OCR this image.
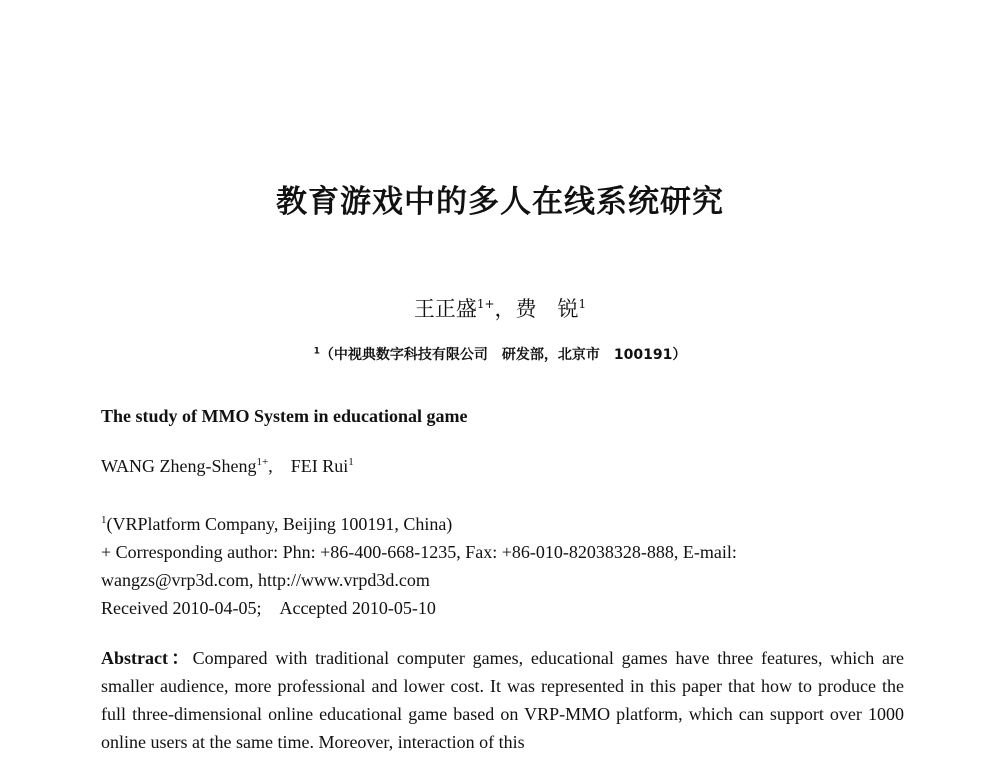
教育游戏中的多人在线系统研究
王正盛$^{1+}$，费　锐$^1$
$^1$（中视典数字科技有限公司　研发部，北京市　100191）
The study of MMO System in educational game
WANG Zheng-Sheng$^{1+}$,　FEI Rui$^1$
$^1$(VRPlatform Company, Beijing 100191, China)
+ Corresponding author: Phn: +86-400-668-1235, Fax: +86-010-82038328-888, E-mail:
wangzs@vrp3d.com, http://www.vrpd3d.com
Received 2010-04-05;　Accepted 2010-05-10
Abstract：Compared with traditional computer games, educational games have three features, which are smaller audience, more professional and lower cost. It was represented in this paper that how to produce the full three-dimensional online educational game based on VRP-MMO platform, which can support over 1000 online users at the same time. Moreover, interaction of this
